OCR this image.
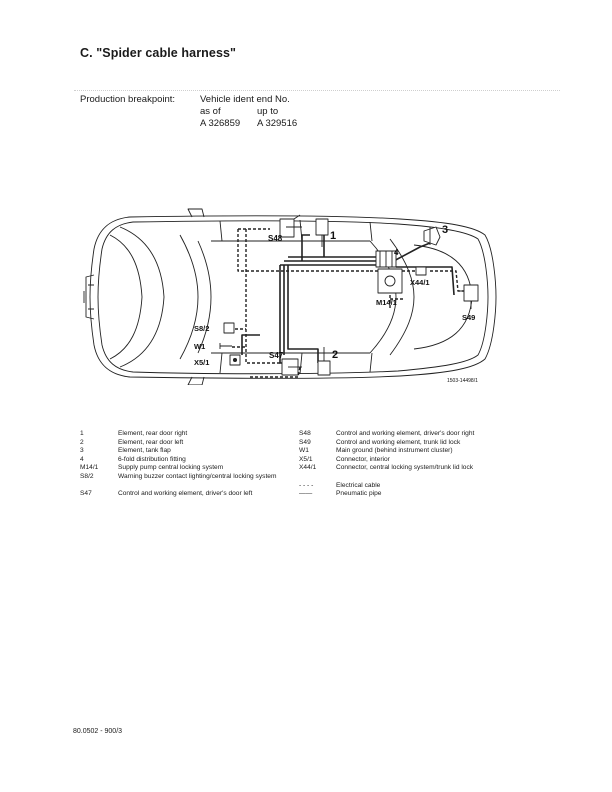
C. "Spider cable harness"
Production breakpoint:	Vehicle ident end No.
as of	up to
A 326859 A 329516
S48	1	3
4
X44/1
M14/1
S49
S8/2
W1
X5/1
S47	2
1503-14498/1
1	Element, rear door right
2	Element, rear door left
3	Element, tank flap
4	6-fold distribution fitting
M14/1	Supply pump central locking system
S8/2	Warning buzzer contact lighting/central locking system
S47	Control and working element, driver's door left
S48	Control and working element, driver's door right
S49	Control and working element, trunk lid lock
W1	Main ground (behind instrument cluster)
X5/1	Connector, interior
X44/1	Connector, central locking system/trunk lid lock
- - - -	Electrical cable
——	Pneumatic pipe
80.0502 - 900/3
